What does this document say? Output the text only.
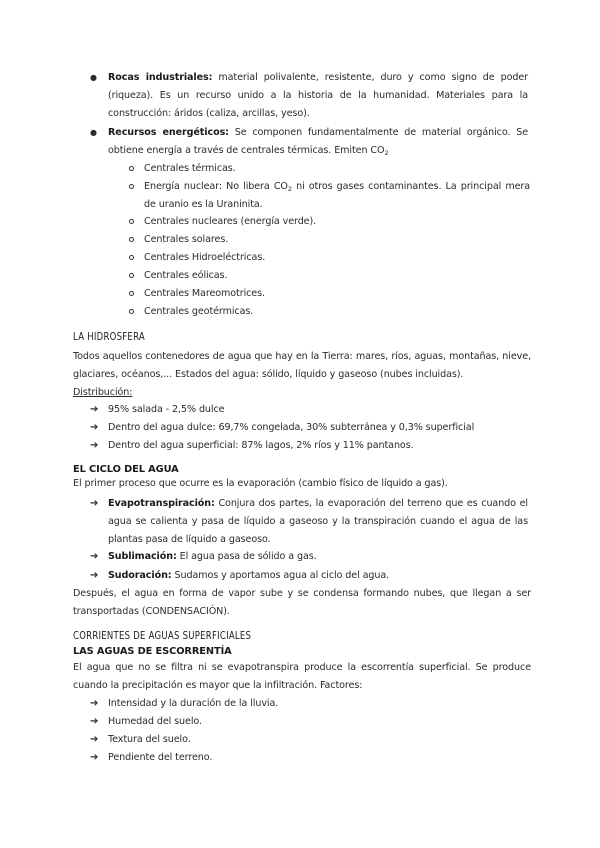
● Rocas industriales: material polivalente, resistente, duro y como signo de poder (riqueza). Es un recurso unido a la historia de la humanidad. Materiales para la construcción: áridos (caliza, arcillas, yeso).
● Recursos energéticos: Se componen fundamentalmente de material orgánico. Se obtiene energía a través de centrales térmicas. Emiten $CO_2$
Centrales térmicas.
Energía nuclear: No libera $CO_2$ ni otros gases contaminantes. La principal mera de uranio es la Uraninita.
Centrales nucleares (energía verde).
Centrales solares.
Centrales Hidroeléctricas.
Centrales eólicas.
Centrales Mareomotrices.
Centrales geotérmicas.
LA HIDROSFERA
Todos aquellos contenedores de agua que hay en la Tierra: mares, ríos, aguas, montañas, nieve, glaciares, océanos,... Estados del agua: sólido, líquido y gaseoso (nubes incluidas).
Distribución:
➔ 95% salada - 2,5% dulce
➔ Dentro del agua dulce: 69,7% congelada, 30% subterránea y 0,3% superficial
➔ Dentro del agua superficial: 87% lagos, 2% ríos y 11% pantanos.
EL CICLO DEL AGUA
El primer proceso que ocurre es la evaporación (cambio físico de líquido a gas).
➔ Evapotranspiración: Conjura dos partes, la evaporación del terreno que es cuando el agua se calienta y pasa de líquido a gaseoso y la transpiración cuando el agua de las plantas pasa de líquido a gaseoso.
➔ Sublimación: El agua pasa de sólido a gas.
➔ Sudoración: Sudamos y aportamos agua al ciclo del agua.
Después, el agua en forma de vapor sube y se condensa formando nubes, que llegan a ser transportadas (CONDENSACIÓN).
CORRIENTES DE AGUAS SUPERFICIALES
LAS AGUAS DE ESCORRENTÍA
El agua que no se filtra ni se evapotranspira produce la escorrentía superficial. Se produce cuando la precipitación es mayor que la infiltración. Factores:
➔ Intensidad y la duración de la lluvia.
➔ Humedad del suelo.
➔ Textura del suelo.
➔ Pendiente del terreno.
